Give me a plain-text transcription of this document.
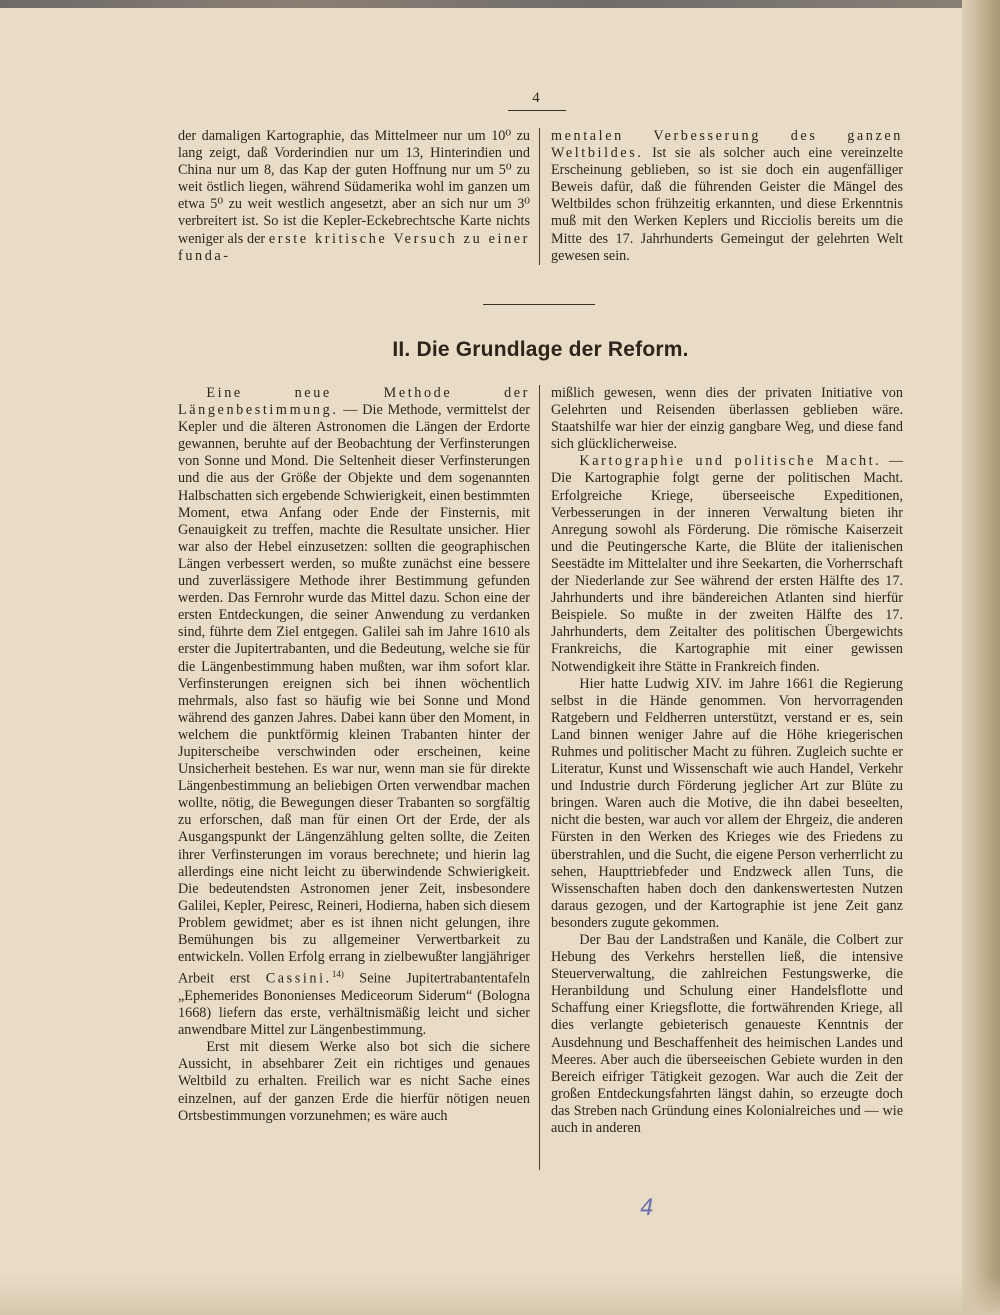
4

der damaligen Kartographie, das Mittelmeer nur um 10⁰ zu lang zeigt, daß Vorderindien nur um 13, Hinterindien und China nur um 8, das Kap der guten Hoffnung nur um 5⁰ zu weit östlich liegen, während Südamerika wohl im ganzen um etwa 5⁰ zu weit westlich angesetzt, aber an sich nur um 3⁰ verbreitert ist. So ist die Kepler-Eckebrechtsche Karte nichts weniger als der erste kritische Versuch zu einer funda-

mentalen Verbesserung des ganzen Weltbildes. Ist sie als solcher auch eine vereinzelte Erscheinung geblieben, so ist sie doch ein augenfälliger Beweis dafür, daß die führenden Geister die Mängel des Weltbildes schon frühzeitig erkannten, und diese Erkenntnis muß mit den Werken Keplers und Ricciolis bereits um die Mitte des 17. Jahrhunderts Gemeingut der gelehrten Welt gewesen sein.

II. Die Grundlage der Reform.

Eine neue Methode der Längenbestimmung. — Die Methode, vermittelst der Kepler und die älteren Astronomen die Längen der Erdorte gewannen, beruhte auf der Beobachtung der Verfinsterungen von Sonne und Mond. Die Seltenheit dieser Verfinsterungen und die aus der Größe der Objekte und dem sogenannten Halbschatten sich ergebende Schwierigkeit, einen bestimmten Moment, etwa Anfang oder Ende der Finsternis, mit Genauigkeit zu treffen, machte die Resultate unsicher. Hier war also der Hebel einzusetzen: sollten die geographischen Längen verbessert werden, so mußte zunächst eine bessere und zuverlässigere Methode ihrer Bestimmung gefunden werden. Das Fernrohr wurde das Mittel dazu. Schon eine der ersten Entdeckungen, die seiner Anwendung zu verdanken sind, führte dem Ziel entgegen. Galilei sah im Jahre 1610 als erster die Jupitertrabanten, und die Bedeutung, welche sie für die Längenbestimmung haben mußten, war ihm sofort klar. Verfinsterungen ereignen sich bei ihnen wöchentlich mehrmals, also fast so häufig wie bei Sonne und Mond während des ganzen Jahres. Dabei kann über den Moment, in welchem die punktförmig kleinen Trabanten hinter der Jupiterscheibe verschwinden oder erscheinen, keine Unsicherheit bestehen. Es war nur, wenn man sie für direkte Längenbestimmung an beliebigen Orten verwendbar machen wollte, nötig, die Bewegungen dieser Trabanten so sorgfältig zu erforschen, daß man für einen Ort der Erde, der als Ausgangspunkt der Längenzählung gelten sollte, die Zeiten ihrer Verfinsterungen im voraus berechnete; und hierin lag allerdings eine nicht leicht zu überwindende Schwierigkeit. Die bedeutendsten Astronomen jener Zeit, insbesondere Galilei, Kepler, Peiresc, Reineri, Hodierna, haben sich diesem Problem gewidmet; aber es ist ihnen nicht gelungen, ihre Bemühungen bis zu allgemeiner Verwertbarkeit zu entwickeln. Vollen Erfolg errang in zielbewußter langjähriger Arbeit erst Cassini.$^{14)}$ Seine Jupitertrabantentafeln „Ephemerides Bononienses Mediceorum Siderum“ (Bologna 1668) liefern das erste, verhältnismäßig leicht und sicher anwendbare Mittel zur Längenbestimmung.

Erst mit diesem Werke also bot sich die sichere Aussicht, in absehbarer Zeit ein richtiges und genaues Weltbild zu erhalten. Freilich war es nicht Sache eines einzelnen, auf der ganzen Erde die hierfür nötigen neuen Ortsbestimmungen vorzunehmen; es wäre auch

mißlich gewesen, wenn dies der privaten Initiative von Gelehrten und Reisenden überlassen geblieben wäre. Staatshilfe war hier der einzig gangbare Weg, und diese fand sich glücklicherweise.

Kartographie und politische Macht. — Die Kartographie folgt gerne der politischen Macht. Erfolgreiche Kriege, überseeische Expeditionen, Verbesserungen in der inneren Verwaltung bieten ihr Anregung sowohl als Förderung. Die römische Kaiserzeit und die Peutingersche Karte, die Blüte der italienischen Seestädte im Mittelalter und ihre Seekarten, die Vorherrschaft der Niederlande zur See während der ersten Hälfte des 17. Jahrhunderts und ihre bändereichen Atlanten sind hierfür Beispiele. So mußte in der zweiten Hälfte des 17. Jahrhunderts, dem Zeitalter des politischen Übergewichts Frankreichs, die Kartographie mit einer gewissen Notwendigkeit ihre Stätte in Frankreich finden.

Hier hatte Ludwig XIV. im Jahre 1661 die Regierung selbst in die Hände genommen. Von hervorragenden Ratgebern und Feldherren unterstützt, verstand er es, sein Land binnen weniger Jahre auf die Höhe kriegerischen Ruhmes und politischer Macht zu führen. Zugleich suchte er Literatur, Kunst und Wissenschaft wie auch Handel, Verkehr und Industrie durch Förderung jeglicher Art zur Blüte zu bringen. Waren auch die Motive, die ihn dabei beseelten, nicht die besten, war auch vor allem der Ehrgeiz, die anderen Fürsten in den Werken des Krieges wie des Friedens zu überstrahlen, und die Sucht, die eigene Person verherrlicht zu sehen, Haupttriebfeder und Endzweck allen Tuns, die Wissenschaften haben doch den dankenswertesten Nutzen daraus gezogen, und der Kartographie ist jene Zeit ganz besonders zugute gekommen.

Der Bau der Landstraßen und Kanäle, die Colbert zur Hebung des Verkehrs herstellen ließ, die intensive Steuerverwaltung, die zahlreichen Festungswerke, die Heranbildung und Schulung einer Handelsflotte und Schaffung einer Kriegsflotte, die fortwährenden Kriege, all dies verlangte gebieterisch genaueste Kenntnis der Ausdehnung und Beschaffenheit des heimischen Landes und Meeres. Aber auch die überseeischen Gebiete wurden in den Bereich eifriger Tätigkeit gezogen. War auch die Zeit der großen Entdeckungsfahrten längst dahin, so erzeugte doch das Streben nach Gründung eines Kolonialreiches und — wie auch in anderen

4
